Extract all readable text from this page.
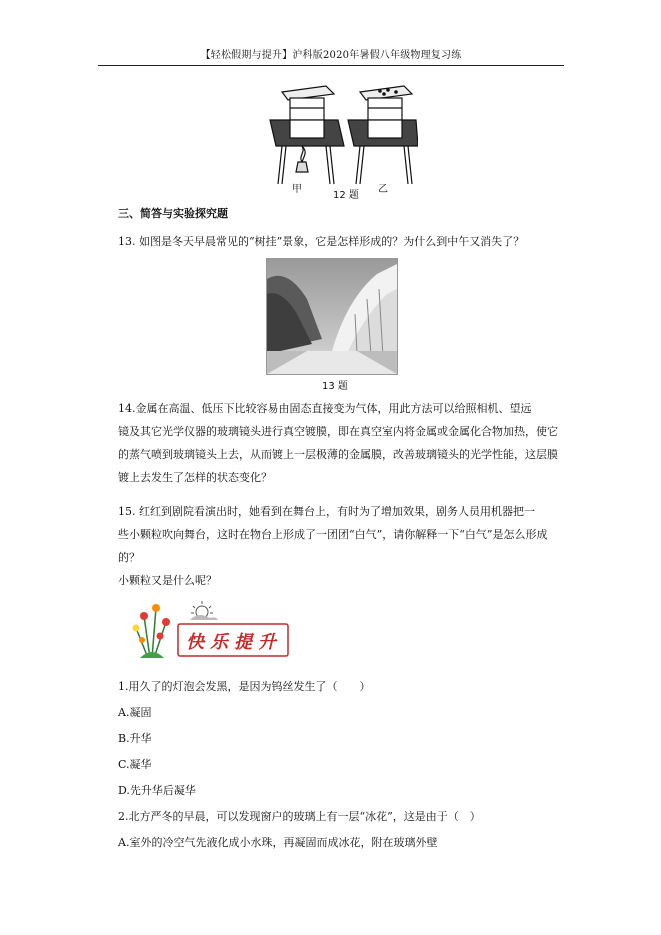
【轻松假期与提升】沪科版2020年暑假八年级物理复习练
甲
12 题
乙
三、简答与实验探究题

13. 如图是冬天早晨常见的“树挂”景象，它是怎样形成的？为什么到中午又消失了？

13 题

14.金属在高温、低压下比较容易由固态直接变为气体，用此方法可以给照相机、望远

镜及其它光学仪器的玻璃镜头进行真空镀膜，即在真空室内将金属或金属化合物加热，使它

的蒸气喷到玻璃镜头上去，从而镀上一层极薄的金属膜，改善玻璃镜头的光学性能，这层膜

镀上去发生了怎样的状态变化？

15. 红红到剧院看演出时，她看到在舞台上，有时为了增加效果，剧务人员用机器把一

些小颗粒吹向舞台，这时在物台上形成了一团团“白气”，请你解释一下“白气”是怎么形成的？

小颗粒又是什么呢？

快乐提升
1.用久了的灯泡会发黑，是因为钨丝发生了（　　）
A.凝固
B.升华
C.凝华
D.先升华后凝华
2.北方严冬的早晨，可以发现窗户的玻璃上有一层“冰花”，这是由于（　）
A.室外的冷空气先液化成小水珠，再凝固而成冰花，附在玻璃外壁
